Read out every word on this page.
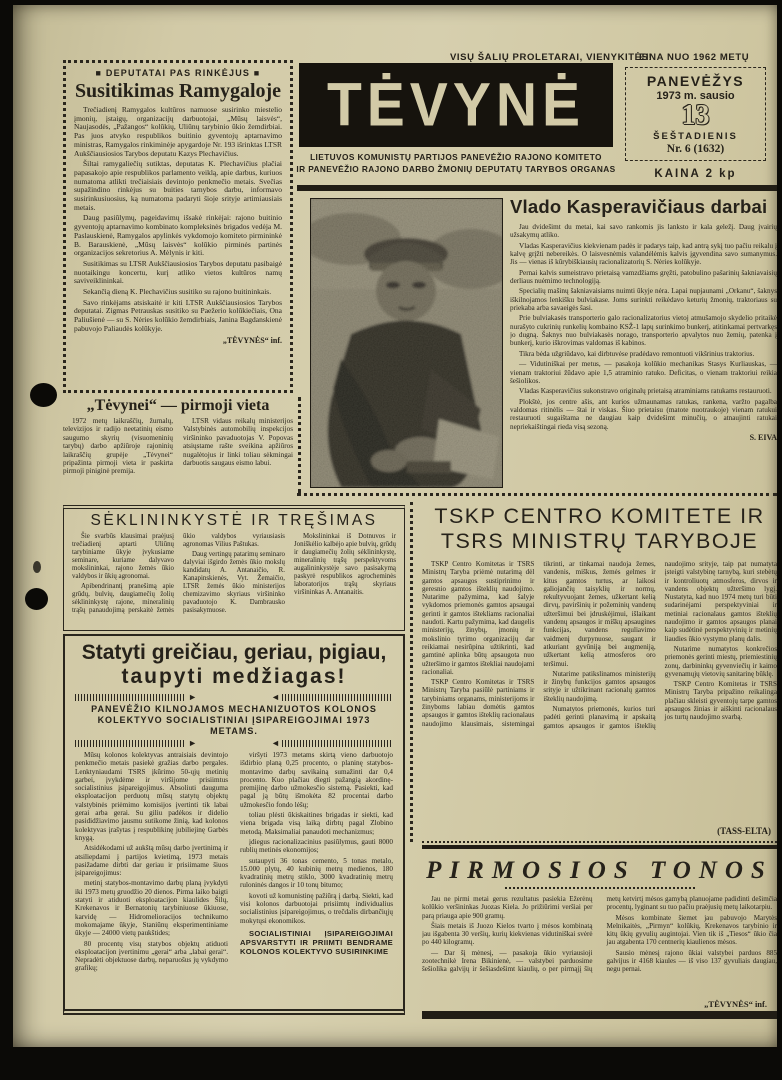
VISŲ ŠALIŲ PROLETARAI, VIENYKITĖS!
EINA NUO 1962 METŲ
TĖVYNĖ
LIETUVOS KOMUNISTŲ PARTIJOS PANEVĖŽIO RAJONO KOMITETO
IR PANEVĖŽIO RAJONO DARBO ŽMONIŲ DEPUTATŲ TARYBOS ORGANAS
PANEVĖŽYS
1973 m. sausio
13
ŠEŠTADIENIS
Nr. 6 (1632)
KAINA 2 kp
■ DEPUTATAI PAS RINKĖJUS ■
Susitikimas Ramygaloje

Trečiadienį Ramygalos kultūros namuose susirinko miestelio įmonių, įstaigų, organizacijų darbuotojai, „Mūsų laisvės“, Naujasodės, „Pažangos“ kolūkių, Uliūnų tarybinio ūkio žemdirbiai. Pas juos atvyko respublikos buitinio gyventojų aptarnavimo ministras, Ramygalos rinkiminėje apygardoje Nr. 193 išrinktas LTSR Aukščiausiosios Tarybos deputatu Kazys Plechavičius.

Šiltai ramygaliečių sutiktas, deputatas K. Plechavičius plačiai papasakojo apie respublikos parlamento veiklą, apie darbus, kuriuos numatoma atlikti trečiaisiais devintojo penkmečio metais. Svečias supažindino rinkėjus su buities tarnybos darbu, informavo susirinkusiuosius, ką numatoma padaryti šioje srityje artimiausiais metais.

Daug pasiūlymų, pageidavimų išsakė rinkėjai: rajono buitinio gyventojų aptarnavimo kombinato kompleksinės brigados vedėja M. Paslauskienė, Ramygalos apylinkės vykdomojo komiteto pirmininkė B. Barauskienė, „Mūsų laisvės“ kolūkio pirminės partinės organizacijos sekretorius A. Mėlynis ir kiti.

Susitikimas su LTSR Aukščiausiosios Tarybos deputatu pasibaigė nuotaikingu koncertu, kurį atliko vietos kultūros namų saviveiklininkai.

Sekančią dieną K. Plechavičius susitiko su rajono buitininkais.

Savo rinkėjams atsiskaitė ir kiti LTSR Aukščiausiosios Tarybos deputatai. Zigmas Petrauskas susitiko su Paežerio kolūkiečiais, Ona Paliušienė — su S. Nėries kolūkio žemdirbiais, Janina Bagdanskienė pabuvojo Paliaudės kolūkyje.

„TĖVYNĖS“ inf.
„Tėvynei“ — pirmoji vieta

1972 metų laikraščių, žurnalų, televizijos ir radijo neetatinių eismo saugumo skyrių (visuomeninių tarybų) darbo apžiūroje rajoninių laikraščių grupėje „Tėvynei“ pripažinta pirmoji vieta ir paskirta pirmoji piniginė premija.

LTSR vidaus reikalų ministerijos Valstybinės automobilių inspekcijos viršininko pavaduotojas V. Popovas atsiųstame rašte sveikina apžiūros nugalėtojus ir linki toliau sėkmingai darbuotis saugaus eismo labui.

SĖKLININKYSTĖ IR TRĘŠIMAS

Šie svarbūs klausimai praėjusį trečiadienį aptarti Uliūnų tarybiniame ūkyje įvykusiame seminare, kuriame dalyvavo mokslininkai, rajono žemės ūkio valdybos ir ūkių agronomai.

Apibendrinantį pranešimą apie grūdų, bulvių, daugiamečių žolių sėklininkystę rajone, mineralinių trąšų panaudojimą perskaitė žemės ūkio valdybos vyriausiasis agronomas Vilius Paštukas.

Daug vertingų patarimų seminaro dalyviai išgirdo žemės ūkio mokslų kandidatų A. Antanaičio, R. Kanapinskienės, Vyt. Žemaičio, LTSR žemės ūkio ministerijos chemizavimo skyriaus viršininko pavaduotojo K. Dambrausko pasisakymuose.

Mokslininkai iš Dotnuvos ir Joniškėlio kalbėjo apie bulvių, grūdų ir daugiamečių žolių sėklininkystę, mineralinių trąšų perspektyvoms augalininkystėje savo pasisakymą paskyrė respublikos agrocheminės laboratorijos trąšų skyriaus viršininkas A. Antanaitis.

Statyti greičiau, geriau, pigiau,
taupyti medžiagas!
►	◄
PANEVĖŽIO KILNOJAMOS MECHANIZUOTOS KOLONOS KOLEKTYVO SOCIALISTINIAI ĮSIPAREIGOJIMAI 1973 METAMS.
►	◄

Mūsų kolonos kolektyvas antraisiais devintojo penkmečio metais pasiekė gražias darbo pergales. Lenktyniaudami TSRS įkūrimo 50-ųjų metinių garbei, įvykdėme ir viršijome prisiimtus socialistinius įsipareigojimus. Absoliuti dauguma eksploatacijon perduotų mūsų statytų objektų valstybinės priėmimo komisijos įvertinti tik labai gerai arba gerai. Su giliu padėkos ir didelio pasididžiavimo jausmu sutikome žinią, kad kolonos kolektyvas įrašytas į respublikinę jubiliejinę Garbės knygą.

Atsidėkodami už aukštą mūsų darbo įvertinimą ir atsiliepdami į partijos kvietimą, 1973 metais pasižadame dirbti dar geriau ir prisiimame šiuos įsipareigojimus:

metinį statybos-montavimo darbų planą įvykdyti iki 1973 metų gruodžio 20 dienos. Pirma laiko baigti statyti ir atiduoti eksploatacijon kiaulides Šilų, Krekenavos ir Bernatonių tarybiniuose ūkiuose, karvidę — Hidromelioracijos technikumo mokomajame ūkyje, Staniūnų eksperimentiniame ūkyje — 24000 vietų paukštides;

80 procentų visų statybos objektų atiduoti eksploatacijon įvertinimu „gerai“ arba „labai gerai“. Nepradėti objektuose darbų, neparuošus jų vykdymo grafikų;

viršyti 1973 metams skirtą vieno darbuotojo išdirbio planą 0,25 procento, o planinę statybos-montavimo darbų savikainą sumažinti dar 0,4 procento. Kuo plačiau diegti pažangią akordinę-premijinę darbo užmokesčio sistemą. Pasiekti, kad pagal ją būtų išmokėta 82 procentai darbo užmokesčio fondo lėšų;

toliau plėsti ūkiskaitines brigadas ir siekti, kad viena brigada visą laiką dirbtų pagal Zlobino metodą. Maksimaliai panaudoti mechanizmus;

įdiegus racionalizacinius pasiūlymus, gauti 8000 rublių metinės ekonomijos;

sutaupyti 36 tonas cemento, 5 tonas metalo, 15.000 plytų, 40 kubinių metrų medienos, 180 kvadratinių metrų stiklo, 3000 kvadratinių metrų ruloninės dangos ir 10 tonų bitumo;

kovoti už komunistinę pažiūrą į darbą. Siekti, kad visi kolonos darbuotojai prisiimtų individualius socialistinius įsipareigojimus, o trečdalis dirbančiųjų mokytųsi ekonomikos.

SOCIALISTINIAI ĮSIPAREIGOJIMAI APSVARSTYTI IR PRIIMTI BENDRAME KOLONOS KOLEKTYVO SUSIRINKIME

Vlado Kasperavičiaus darbai

Jau dvidešimt du metai, kai savo rankomis jis lanksto ir kala geležį. Daug įvairių užsakymų atliko.

Vladas Kasperavičius kiekvienam padės ir padarys taip, kad antrą sykį tuo pačiu reikalu į kalvę grįžti nebereikės. O laisvesnėmis valandėlėmis kalvis įgyvendina savo sumanymus. Jis — vienas iš kūrybiškiausių racionalizatorių S. Nėries kolūkyje.

Pernai kalvis sumeistravo prietaisą vamzdžiams gręžti, patobulino pašarinių šakniavaisių derliaus nuėmimo technologiją.

Specialių mašinų šakniavaisiams nuimti ūkyje nėra. Lapai nupjaunami „Orkanu“, šaknys iškilnojamos lenkišku bulviakase. Joms surinkti reikėdavo keturių žmonių, traktoriaus su priekaba arba savaeigės šasi.

Prie bulviakasės transporterio galo racionalizatorius vietoj atmušamojo skydelio pritaikė nurašyto cukrinių runkelių kombaino KSŽ-1 lapų surinkimo bunkerį, atitinkamai pertvarkęs jo dugną. Šaknys nuo bulviakasės norago, transporterio apvalytos nuo žemių, patenka į bunkerį, kurio iškrovimas valdomas iš kabinos.

Tikra bėda užgriūdavo, kai dirbtuvėse pradėdavo remontuoti vikšrinius traktorius.

— Vidutiniškai per metus, — pasakoja kolūkio mechanikas Stasys Kurliauskas, — vienam traktoriui žūdavo apie 1,5 atraminio ratuko. Deficitas, o vienam traktoriui reikia šešiolikos.

Vladas Kasperavičius sukonstravo originalų prietaisą atraminiams ratukams restauruoti.

Plokštė, jos centre ašis, ant kurios užmaunamas ratukas, rankena, varžto pagalba valdomas ritinėlis — štai ir viskas. Šiuo prietaisu (matote nuotraukoje) vienam ratukui restauruoti sugaištama ne daugiau kaip dvidešimt minučių, o atnaujinti ratukai nepriekaištingai rieda visą sezoną.

S. EIVA
TSKP CENTRO KOMITETE IR
TSRS MINISTRŲ TARYBOJE

TSKP Centro Komitetas ir TSRS Ministrų Taryba priėmė nutarimą dėl gamtos apsaugos sustiprinimo ir geresnio gamtos išteklių naudojimo. Nutarime pažymima, kad šalyje vykdomos priemonės gamtos apsaugai gerinti ir gamtos ištekliams racionaliai naudoti. Kartu pažymima, kad daugelis ministerijų, žinybų, įmonių ir mokslinio tyrimo organizacijų dar reikiamai nesirūpina užtikrinti, kad gamtinė aplinka būtų apsaugota nuo užteršimo ir gamtos ištekliai naudojami racionaliai.

TSKP Centro Komitetas ir TSRS Ministrų Taryba pasiūlė partiniams ir tarybiniams organams, ministerijoms ir žinyboms labiau domėtis gamtos apsaugos ir gamtos išteklių racionalaus naudojimo klausimais, sistemingai tikrinti, ar tinkamai naudoja žemes, vandenis, miškus, žemės gelmes ir kitus gamtos turtus, ar laikosi galiojančių taisyklių ir normų, rekultyvuojant žemes, užkertant kelią dirvų, paviršinių ir požeminių vandenų užteršimui bei įdruskėjimui, išlaikant vandenų apsaugos ir miškų apsaugines funkcijas, vandens reguliavimo vaidmenį durpynuose, saugant ir atkuriant gyvūniją bei augmeniją, užkertant kelią atmosferos oro teršimui.

Nutarime patikslinamos ministerijų ir žinybų funkcijos gamtos apsaugos srityje ir užtikrinant racionalų gamtos išteklių naudojimą.

Numatytos priemonės, kurios turi padėti gerinti planavimą ir apskaitą gamtos apsaugos ir gamtos išteklių naudojimo srityje, taip pat numatyta įsteigti valstybinę tarnybą, kuri stebėtų ir kontroliuotų atmosferos, dirvos ir vandens objektų užteršimo lygį. Nustatyta, kad nuo 1974 metų turi būti sudarinėjami perspektyviniai ir metiniai racionalaus gamtos išteklių naudojimo ir gamtos apsaugos planai kaip sudėtinė perspektyvinių ir metinių liaudies ūkio vystymo planų dalis.

Nutarime numatytos konkrečios priemonės gerinti miestų, priemiestinių zonų, darbininkų gyvenviečių ir kaimo gyvenamųjų vietovių sanitarinę būklę.

TSKP Centro Komitetas ir TSRS Ministrų Taryba pripažino reikalinga plačiau skleisti gyventojų tarpe gamtos apsaugos žinias ir aiškinti racionalaus jos turtų naudojimo svarbą.

(TASS-ELTA)
PIRMOSIOS TONOS

Jau ne pirmi metai gerus rezultatus pasiekia Ežerėnų kolūkio veršininkas Juozas Kiela. Jo prižiūrimi veršiai per parą priauga apie 900 gramų.

Šiais metais iš Juozo Kielos tvarto į mėsos kombinatą jau išgabenta 30 veršių, kurių kiekvienas vidutiniškai svėrė po 440 kilogramų.

— Dar šį mėnesį, — pasakoja ūkio vyriausioji zootechnikė Irena Bikinienė, — valstybei parduosime šešiolika galvijų ir šešiasdešimt kiaulių, o per pirmąjį šių metų ketvirtį mėsos gamybą planuojame padidinti dešimčia procentų, lyginant su tuo pačiu praėjusių metų laikotarpiu.

Mėsos kombinate šiemet jau pabuvojo Marytės Melnikaitės, „Pirmyn“ kolūkių, Krekenavos tarybinio ir kitų ūkių gyvulių augintojai. Vien tik iš „Tiesos“ ūkio čia jau atgabenta 170 centnerių kiaulienos mėsos.

Sausio mėnesį rajono ūkiai valstybei parduos 885 galvijus ir 4168 kiaules — iš viso 137 gyvuliais daugiau, negu pernai.

„TĖVYNĖS“ inf.
